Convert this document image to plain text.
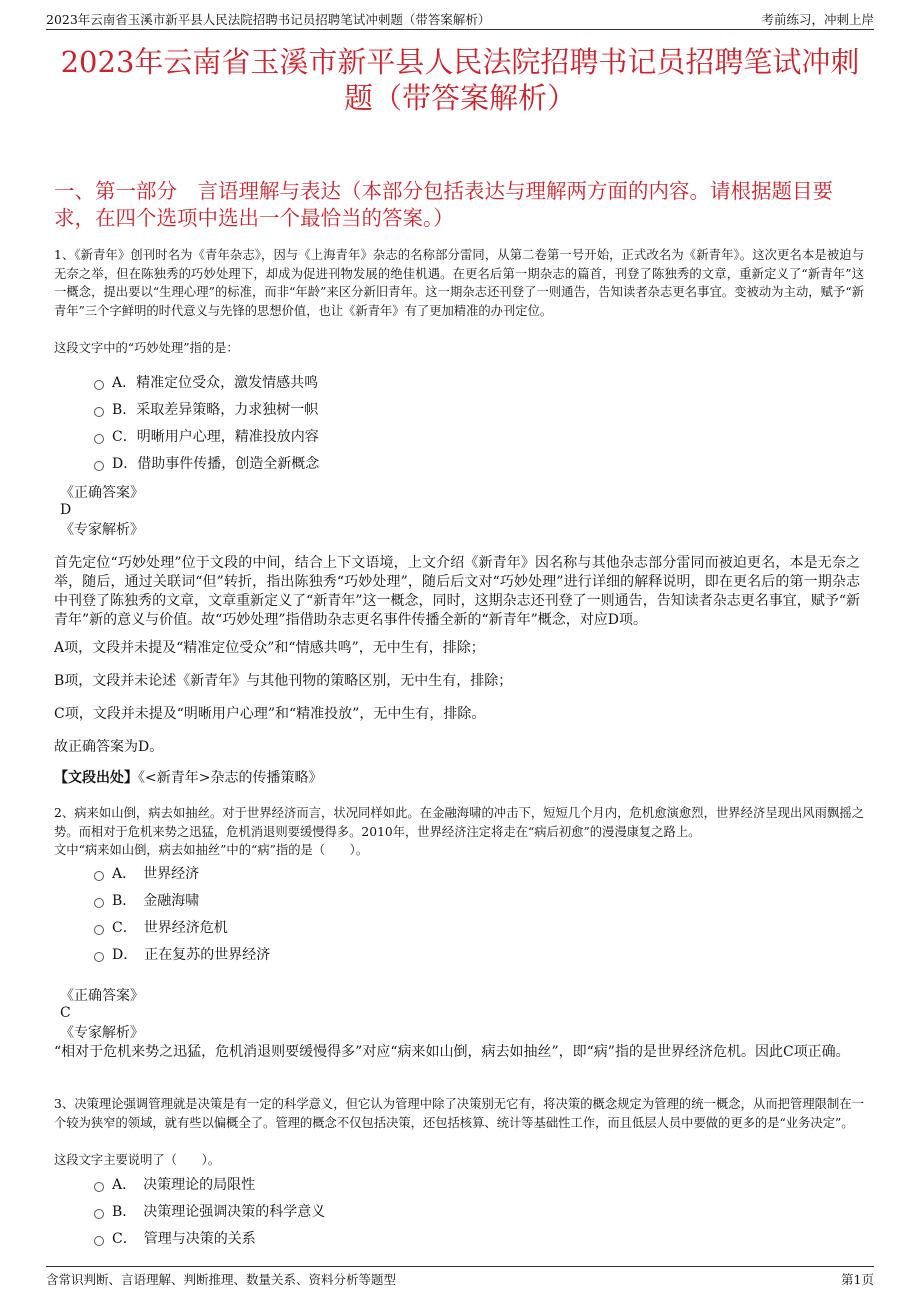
2023年云南省玉溪市新平县人民法院招聘书记员招聘笔试冲刺题（带答案解析）	考前练习，冲刺上岸
2023年云南省玉溪市新平县人民法院招聘书记员招聘笔试冲刺题（带答案解析）
一、第一部分　言语理解与表达（本部分包括表达与理解两方面的内容。请根据题目要求，在四个选项中选出一个最恰当的答案。）
1、《新青年》创刊时名为《青年杂志》，因与《上海青年》杂志的名称部分雷同，从第二卷第一号开始，正式改名为《新青年》。这次更名本是被迫与无奈之举，但在陈独秀的巧妙处理下，却成为促进刊物发展的绝佳机遇。在更名后第一期杂志的篇首，刊登了陈独秀的文章，重新定义了“新青年”这一概念，提出要以“生理心理”的标准，而非“年龄”来区分新旧青年。这一期杂志还刊登了一则通告，告知读者杂志更名事宜。变被动为主动，赋予“新青年”三个字鲜明的时代意义与先锋的思想价值，也让《新青年》有了更加精准的办刊定位。
这段文字中的“巧妙处理”指的是：
A．精准定位受众，激发情感共鸣
B．采取差异策略，力求独树一帜
C．明晰用户心理，精准投放内容
D．借助事件传播，创造全新概念
《正确答案》
D
《专家解析》
首先定位“巧妙处理”位于文段的中间，结合上下文语境，上文介绍《新青年》因名称与其他杂志部分雷同而被迫更名，本是无奈之举，随后，通过关联词“但”转折，指出陈独秀“巧妙处理”，随后后文对“巧妙处理”进行详细的解释说明，即在更名后的第一期杂志中刊登了陈独秀的文章，文章重新定义了“新青年”这一概念，同时，这期杂志还刊登了一则通告，告知读者杂志更名事宜，赋予“新青年”新的意义与价值。故“巧妙处理”指借助杂志更名事件传播全新的“新青年”概念，对应D项。
A项，文段并未提及“精准定位受众”和“情感共鸣”，无中生有，排除；
B项，文段并未论述《新青年》与其他刊物的策略区别，无中生有，排除；
C项，文段并未提及“明晰用户心理”和“精准投放”，无中生有，排除。
故正确答案为D。
【文段出处】《<新青年>杂志的传播策略》
2、病来如山倒，病去如抽丝。对于世界经济而言，状况同样如此。在金融海啸的冲击下，短短几个月内，危机愈演愈烈，世界经济呈现出风雨飘摇之势。而相对于危机来势之迅猛，危机消退则要缓慢得多。2010年，世界经济注定将走在“病后初愈”的漫漫康复之路上。
文中“病来如山倒，病去如抽丝”中的“病”指的是（　　）。
A．　世界经济
B．　金融海啸
C．　世界经济危机
D．　正在复苏的世界经济
《正确答案》
C
《专家解析》
“相对于危机来势之迅猛，危机消退则要缓慢得多”对应“病来如山倒，病去如抽丝”，即“病”指的是世界经济危机。因此C项正确。
3、决策理论强调管理就是决策是有一定的科学意义，但它认为管理中除了决策别无它有，将决策的概念规定为管理的统一概念，从而把管理限制在一个较为狭窄的领域，就有些以偏概全了。管理的概念不仅包括决策，还包括核算、统计等基础性工作，而且低层人员中要做的更多的是“业务决定”。
这段文字主要说明了（　　）。
A．　决策理论的局限性
B．　决策理论强调决策的科学意义
C．　管理与决策的关系
含常识判断、言语理解、判断推理、数量关系、资料分析等题型	第1页
